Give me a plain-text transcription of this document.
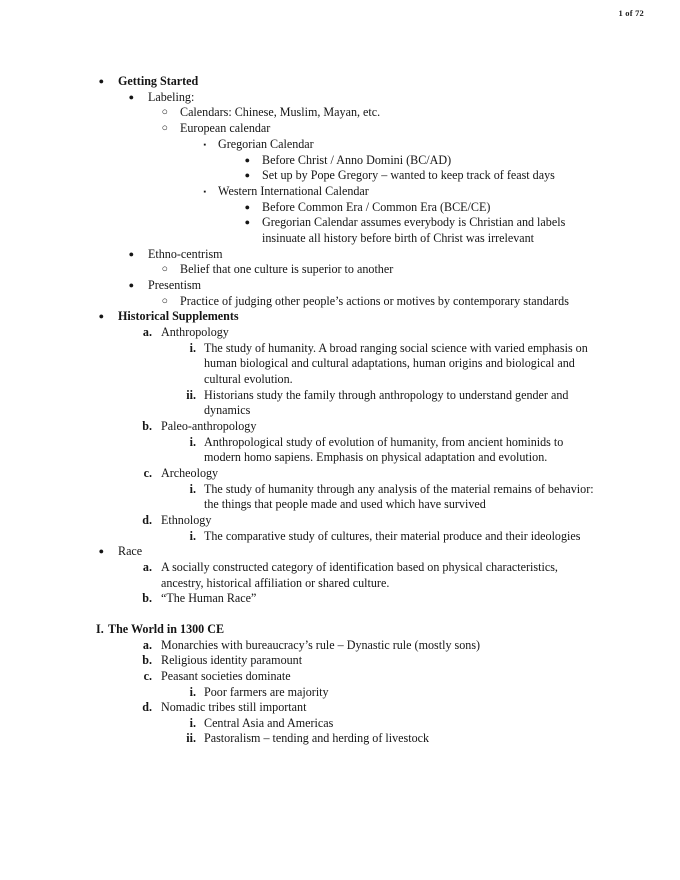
1 of 72
●	Getting Started
●	Labeling:
○ Calendars: Chinese, Muslim, Mayan, etc.
○ European calendar
▪ Gregorian Calendar
● Before Christ / Anno Domini (BC/AD)
● Set up by Pope Gregory – wanted to keep track of feast days
▪ Western International Calendar
● Before Common Era / Common Era (BCE/CE)
● Gregorian Calendar assumes everybody is Christian and labels insinuate all history before birth of Christ was irrelevant
●	Ethno-centrism
○ Belief that one culture is superior to another
●	Presentism
○ Practice of judging other people’s actions or motives by contemporary standards
●	Historical Supplements
a. Anthropology
i. The study of humanity. A broad ranging social science with varied emphasis on human biological and cultural adaptations, human origins and biological and cultural evolution.
ii. Historians study the family through anthropology to understand gender and dynamics
b. Paleo-anthropology
i. Anthropological study of evolution of humanity, from ancient hominids to modern homo sapiens. Emphasis on physical adaptation and evolution.
c. Archeology
i. The study of humanity through any analysis of the material remains of behavior: the things that people made and used which have survived
d. Ethnology
i. The comparative study of cultures, their material produce and their ideologies
●	Race
a. A socially constructed category of identification based on physical characteristics, ancestry, historical affiliation or shared culture.
b. “The Human Race”
I. The World in 1300 CE
a. Monarchies with bureaucracy’s rule – Dynastic rule (mostly sons)
b. Religious identity paramount
c. Peasant societies dominate
i. Poor farmers are majority
d. Nomadic tribes still important
i. Central Asia and Americas
ii. Pastoralism – tending and herding of livestock
